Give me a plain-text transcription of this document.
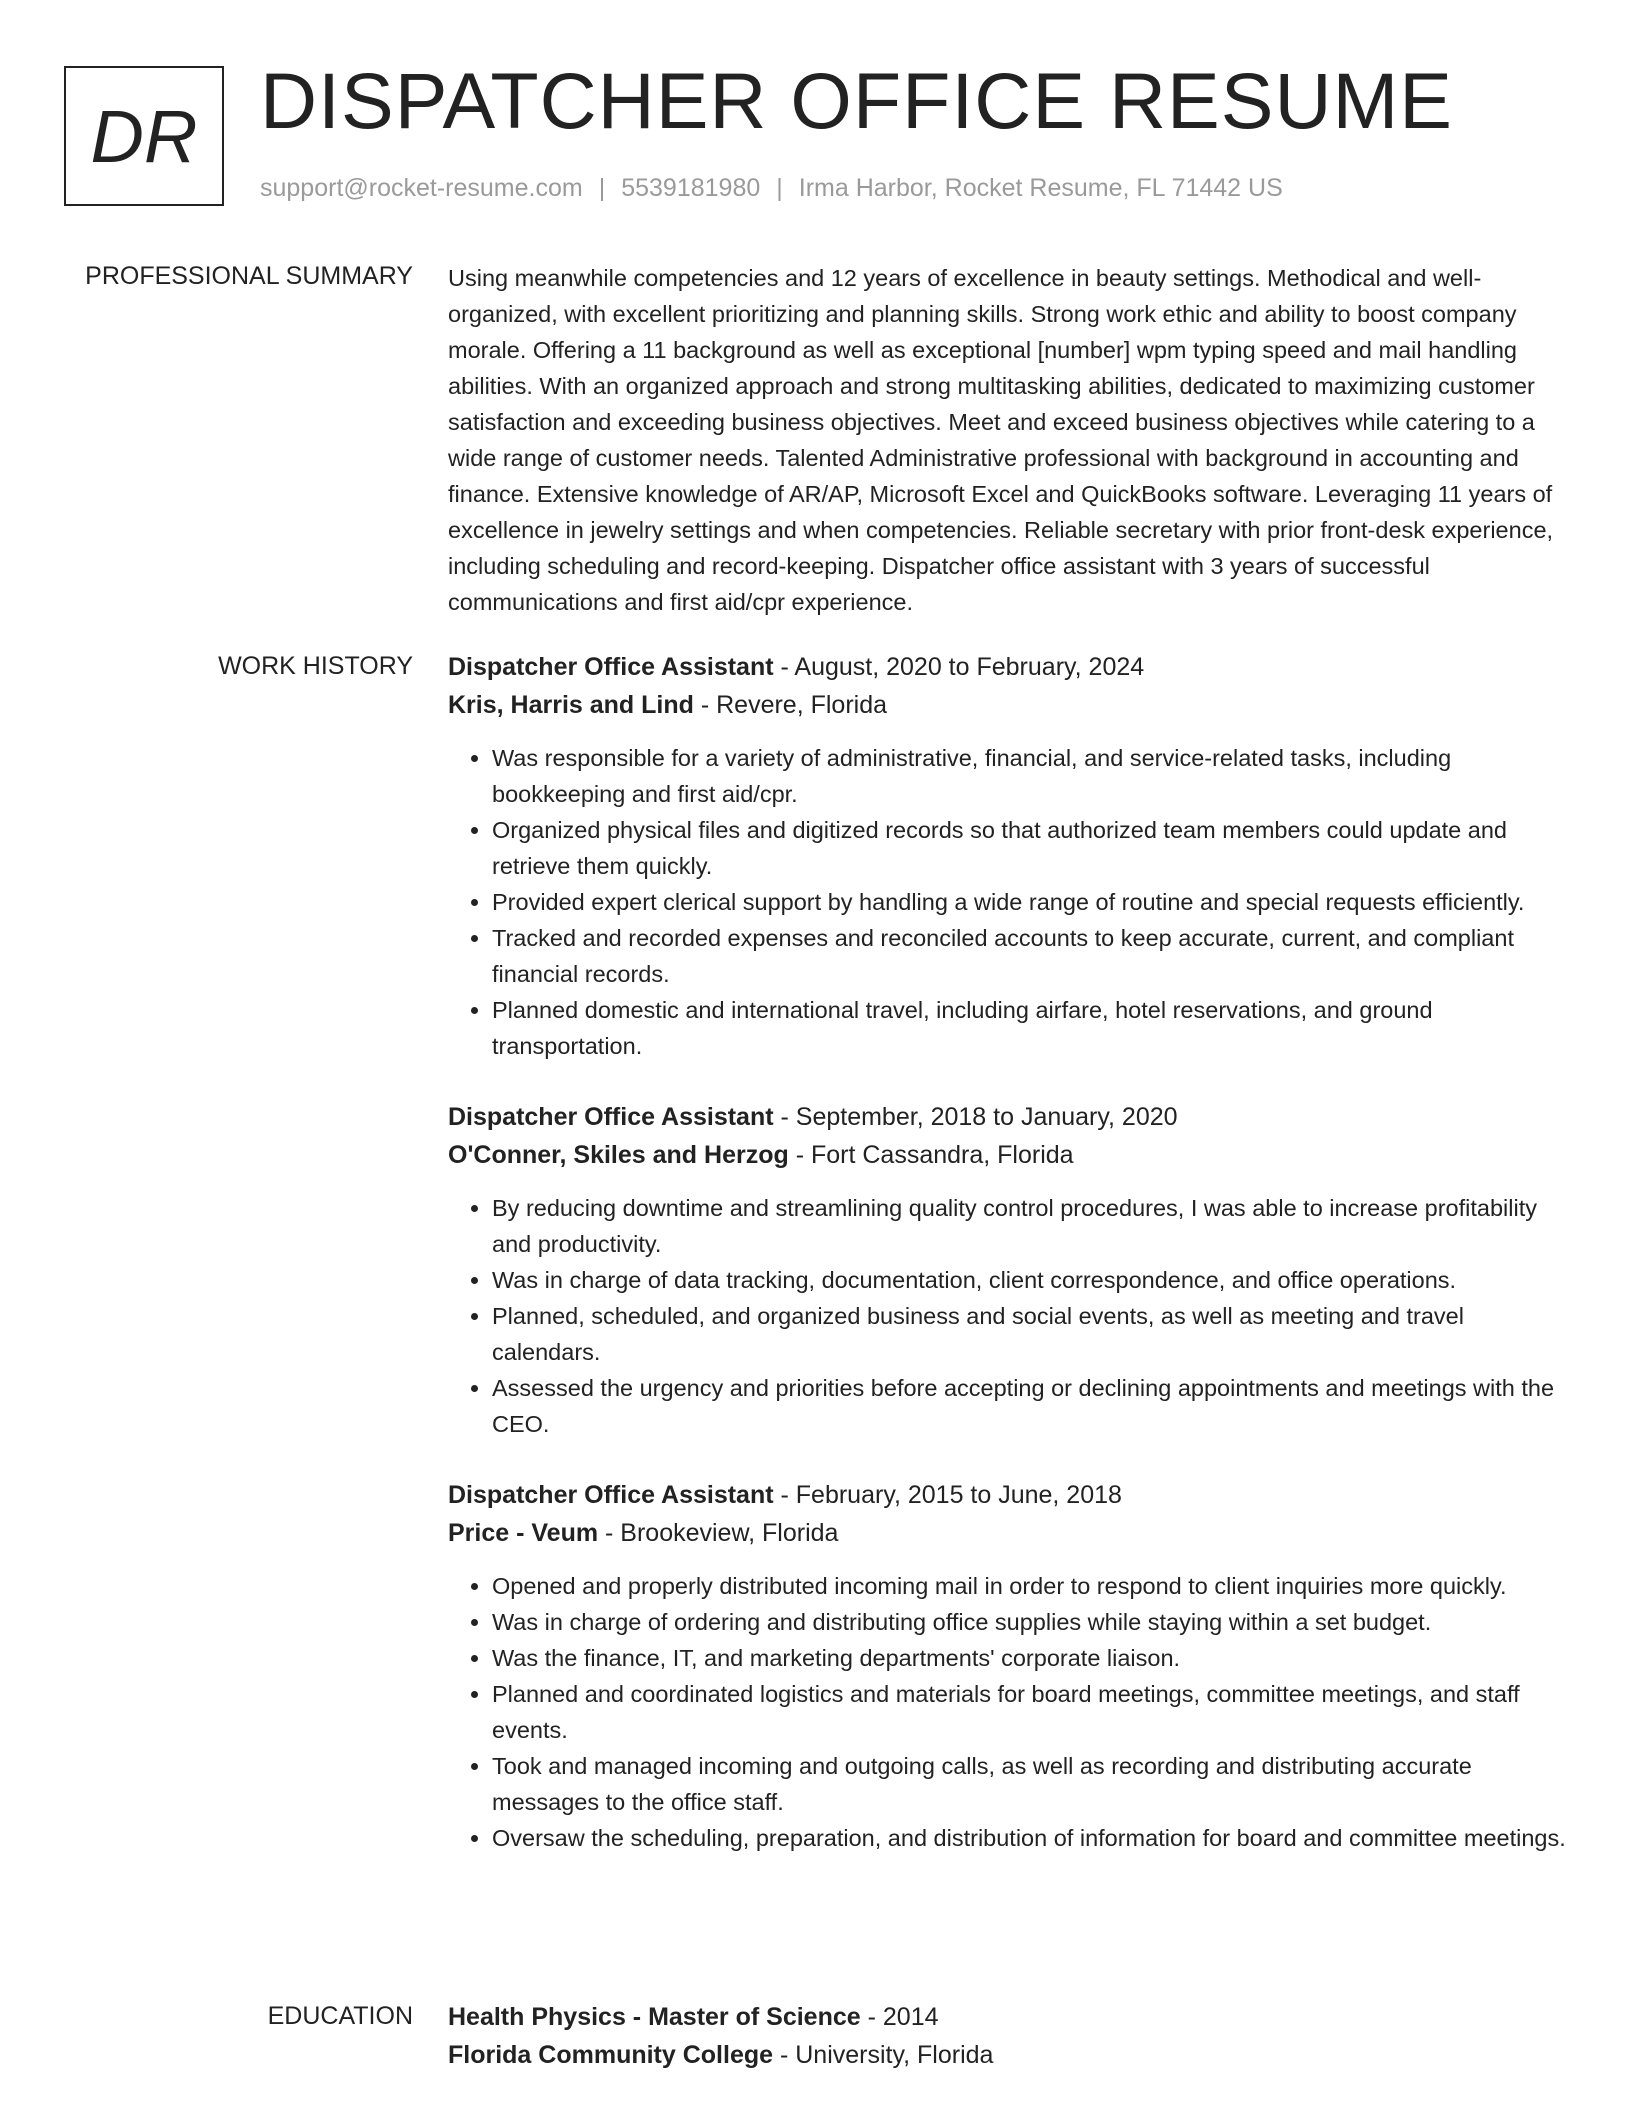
DR DISPATCHER OFFICE RESUME
support@rocket-resume.com | 5539181980 | Irma Harbor, Rocket Resume, FL 71442 US
PROFESSIONAL SUMMARY Using meanwhile competencies and 12 years of excellence in beauty settings. Methodical and well-organized, with excellent prioritizing and planning skills. Strong work ethic and ability to boost company morale. Offering a 11 background as well as exceptional [number] wpm typing speed and mail handling abilities. With an organized approach and strong multitasking abilities, dedicated to maximizing customer satisfaction and exceeding business objectives. Meet and exceed business objectives while catering to a wide range of customer needs. Talented Administrative professional with background in accounting and finance. Extensive knowledge of AR/AP, Microsoft Excel and QuickBooks software. Leveraging 11 years of excellence in jewelry settings and when competencies. Reliable secretary with prior front-desk experience, including scheduling and record-keeping. Dispatcher office assistant with 3 years of successful communications and first aid/cpr experience.

WORK HISTORY Dispatcher Office Assistant - August, 2020 to February, 2024
Kris, Harris and Lind - Revere, Florida
• Was responsible for a variety of administrative, financial, and service-related tasks, including bookkeeping and first aid/cpr.
• Organized physical files and digitized records so that authorized team members could update and retrieve them quickly.
• Provided expert clerical support by handling a wide range of routine and special requests efficiently.
• Tracked and recorded expenses and reconciled accounts to keep accurate, current, and compliant financial records.
• Planned domestic and international travel, including airfare, hotel reservations, and ground transportation.
Dispatcher Office Assistant - September, 2018 to January, 2020
O'Conner, Skiles and Herzog - Fort Cassandra, Florida
• By reducing downtime and streamlining quality control procedures, I was able to increase profitability and productivity.
• Was in charge of data tracking, documentation, client correspondence, and office operations.
• Planned, scheduled, and organized business and social events, as well as meeting and travel calendars.
• Assessed the urgency and priorities before accepting or declining appointments and meetings with the CEO.
Dispatcher Office Assistant - February, 2015 to June, 2018
Price - Veum - Brookeview, Florida
• Opened and properly distributed incoming mail in order to respond to client inquiries more quickly.
• Was in charge of ordering and distributing office supplies while staying within a set budget.
• Was the finance, IT, and marketing departments' corporate liaison.
• Planned and coordinated logistics and materials for board meetings, committee meetings, and staff events.
• Took and managed incoming and outgoing calls, as well as recording and distributing accurate messages to the office staff.
• Oversaw the scheduling, preparation, and distribution of information for board and committee meetings.
EDUCATION Health Physics - Master of Science - 2014
Florida Community College - University, Florida
